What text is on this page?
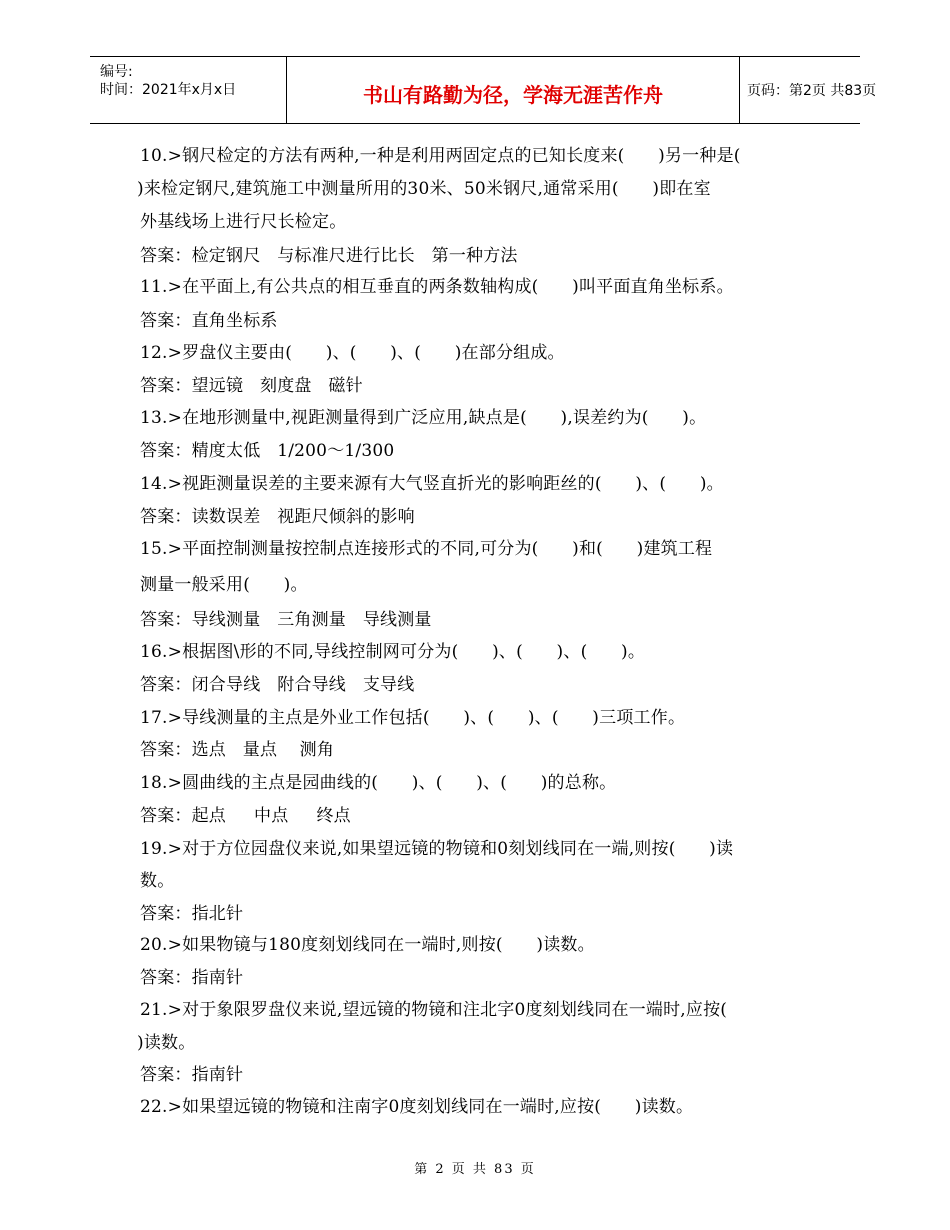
编号:
时间：2021年x月x日	书山有路勤为径，学海无涯苦作舟	页码：第2页 共83页
10.>钢尺检定的方法有两种,一种是利用两固定点的已知长度来(      )另一种是(
)来检定钢尺,建筑施工中测量所用的30米、50米钢尺,通常采用(      )即在室
外基线场上进行尺长检定。
答案：检定钢尺   与标准尺进行比长   第一种方法
11.>在平面上,有公共点的相互垂直的两条数轴构成(      )叫平面直角坐标系。
答案：直角坐标系
12.>罗盘仪主要由(      )、(      )、(      )在部分组成。
答案：望远镜   刻度盘   磁针
13.>在地形测量中,视距测量得到广泛应用,缺点是(      ),误差约为(      )。
答案：精度太低   1/200～1/300
14.>视距测量误差的主要来源有大气竖直折光的影响距丝的(      )、(      )。
答案：读数误差   视距尺倾斜的影响
15.>平面控制测量按控制点连接形式的不同,可分为(      )和(      )建筑工程
测量一般采用(      )。
答案：导线测量   三角测量   导线测量
16.>根据图\形的不同,导线控制网可分为(      )、(      )、(      )。
答案：闭合导线   附合导线   支导线
17.>导线测量的主点是外业工作包括(      )、(      )、(      )三项工作。
答案：选点   量点    测角
18.>圆曲线的主点是园曲线的(      )、(      )、(      )的总称。
答案：起点     中点     终点
19.>对于方位园盘仪来说,如果望远镜的物镜和0刻划线同在一端,则按(      )读
数。
答案：指北针
20.>如果物镜与180度刻划线同在一端时,则按(      )读数。
答案：指南针
21.>对于象限罗盘仪来说,望远镜的物镜和注北字0度刻划线同在一端时,应按(
)读数。
答案：指南针
22.>如果望远镜的物镜和注南字0度刻划线同在一端时,应按(      )读数。
第 2 页 共 83 页
